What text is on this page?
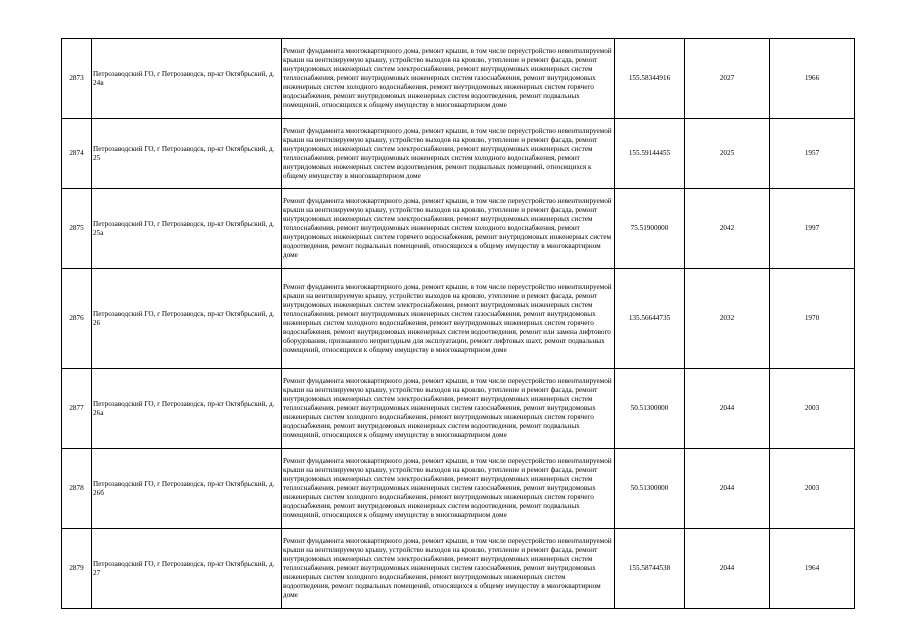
2873	Петрозаводский ГО, г Петрозаводск, пр-кт Октябрьский, д. 24в	Ремонт фундамента многоквартирного дома, ремонт крыши, в том числе переустройство невентилируемой крыши на вентилируемую крышу, устройство выходов на кровлю, утепление и ремонт фасада, ремонт внутридомовых инженерных систем электроснабжения, ремонт внутридомовых инженерных систем теплоснабжения, ремонт внутридомовых инженерных систем газоснабжения, ремонт внутридомовых инженерных систем холодного водоснабжения, ремонт внутридомовых инженерных систем горячего водоснабжения, ремонт внутридомовых инженерных систем водоотведения, ремонт подвальных помещений, относящихся к общему имуществу в многоквартирном доме	155.58344916	2027	1966
2874	Петрозаводский ГО, г Петрозаводск, пр-кт Октябрьский, д. 25	Ремонт фундамента многоквартирного дома, ремонт крыши, в том числе переустройство невентилируемой крыши на вентилируемую крышу, устройство выходов на кровлю, утепление и ремонт фасада, ремонт внутридомовых инженерных систем электроснабжения, ремонт внутридомовых инженерных систем теплоснабжения, ремонт внутридомовых инженерных систем холодного водоснабжения, ремонт внутридомовых инженерных систем водоотведения, ремонт подвальных помещений, относящихся к общему имуществу в многоквартирном доме	155.59144455	2025	1957
2875	Петрозаводский ГО, г Петрозаводск, пр-кт Октябрьский, д. 25а	Ремонт фундамента многоквартирного дома, ремонт крыши, в том числе переустройство невентилируемой крыши на вентилируемую крышу, устройство выходов на кровлю, утепление и ремонт фасада, ремонт внутридомовых инженерных систем электроснабжения, ремонт внутридомовых инженерных систем теплоснабжения, ремонт внутридомовых инженерных систем холодного водоснабжения, ремонт внутридомовых инженерных систем горячего водоснабжения, ремонт внутридомовых инженерных систем водоотведения, ремонт подвальных помещений, относящихся к общему имуществу в многоквартирном доме	75.51900000	2042	1997
2876	Петрозаводский ГО, г Петрозаводск, пр-кт Октябрьский, д. 26	Ремонт фундамента многоквартирного дома, ремонт крыши, в том числе переустройство невентилируемой крыши на вентилируемую крышу, устройство выходов на кровлю, утепление и ремонт фасада, ремонт внутридомовых инженерных систем электроснабжения, ремонт внутридомовых инженерных систем теплоснабжения, ремонт внутридомовых инженерных систем газоснабжения, ремонт внутридомовых инженерных систем холодного водоснабжения, ремонт внутридомовых инженерных систем горячего водоснабжения, ремонт внутридомовых инженерных систем водоотведения, ремонт или замена лифтового оборудования, признанного непригодным для эксплуатации, ремонт лифтовых шахт, ремонт подвальных помещений, относящихся к общему имуществу в многоквартирном доме	135.56644735	2032	1970
2877	Петрозаводский ГО, г Петрозаводск, пр-кт Октябрьский, д. 26а	Ремонт фундамента многоквартирного дома, ремонт крыши, в том числе переустройство невентилируемой крыши на вентилируемую крышу, устройство выходов на кровлю, утепление и ремонт фасада, ремонт внутридомовых инженерных систем электроснабжения, ремонт внутридомовых инженерных систем теплоснабжения, ремонт внутридомовых инженерных систем газоснабжения, ремонт внутридомовых инженерных систем холодного водоснабжения, ремонт внутридомовых инженерных систем горячего водоснабжения, ремонт внутридомовых инженерных систем водоотведения, ремонт подвальных помещений, относящихся к общему имуществу в многоквартирном доме	50.51300000	2044	2003
2878	Петрозаводский ГО, г Петрозаводск, пр-кт Октябрьский, д. 26б	Ремонт фундамента многоквартирного дома, ремонт крыши, в том числе переустройство невентилируемой крыши на вентилируемую крышу, устройство выходов на кровлю, утепление и ремонт фасада, ремонт внутридомовых инженерных систем электроснабжения, ремонт внутридомовых инженерных систем теплоснабжения, ремонт внутридомовых инженерных систем газоснабжения, ремонт внутридомовых инженерных систем холодного водоснабжения, ремонт внутридомовых инженерных систем горячего водоснабжения, ремонт внутридомовых инженерных систем водоотведения, ремонт подвальных помещений, относящихся к общему имуществу в многоквартирном доме	50.51300000	2044	2003
2879	Петрозаводский ГО, г Петрозаводск, пр-кт Октябрьский, д. 27	Ремонт фундамента многоквартирного дома, ремонт крыши, в том числе переустройство невентилируемой крыши на вентилируемую крышу, устройство выходов на кровлю, утепление и ремонт фасада, ремонт внутридомовых инженерных систем электроснабжения, ремонт внутридомовых инженерных систем теплоснабжения, ремонт внутридомовых инженерных систем газоснабжения, ремонт внутридомовых инженерных систем холодного водоснабжения, ремонт внутридомовых инженерных систем водоотведения, ремонт подвальных помещений, относящихся к общему имуществу в многоквартирном доме	155.58744538	2044	1964
